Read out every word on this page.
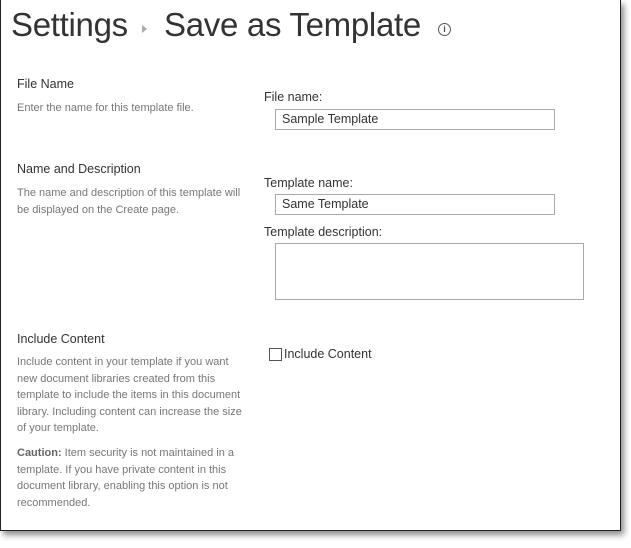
Settings Save as Template	i
File Name
Enter the name for this template file.
File name:
Sample Template
Name and Description
The name and description of this template will be displayed on the Create page.
Template name:
Same Template
Template description:
Include Content
Include content in your template if you want new document libraries created from this template to include the items in this document library. Including content can increase the size of your template.
Caution: Item security is not maintained in a template. If you have private content in this document library, enabling this option is not recommended.
Include Content
